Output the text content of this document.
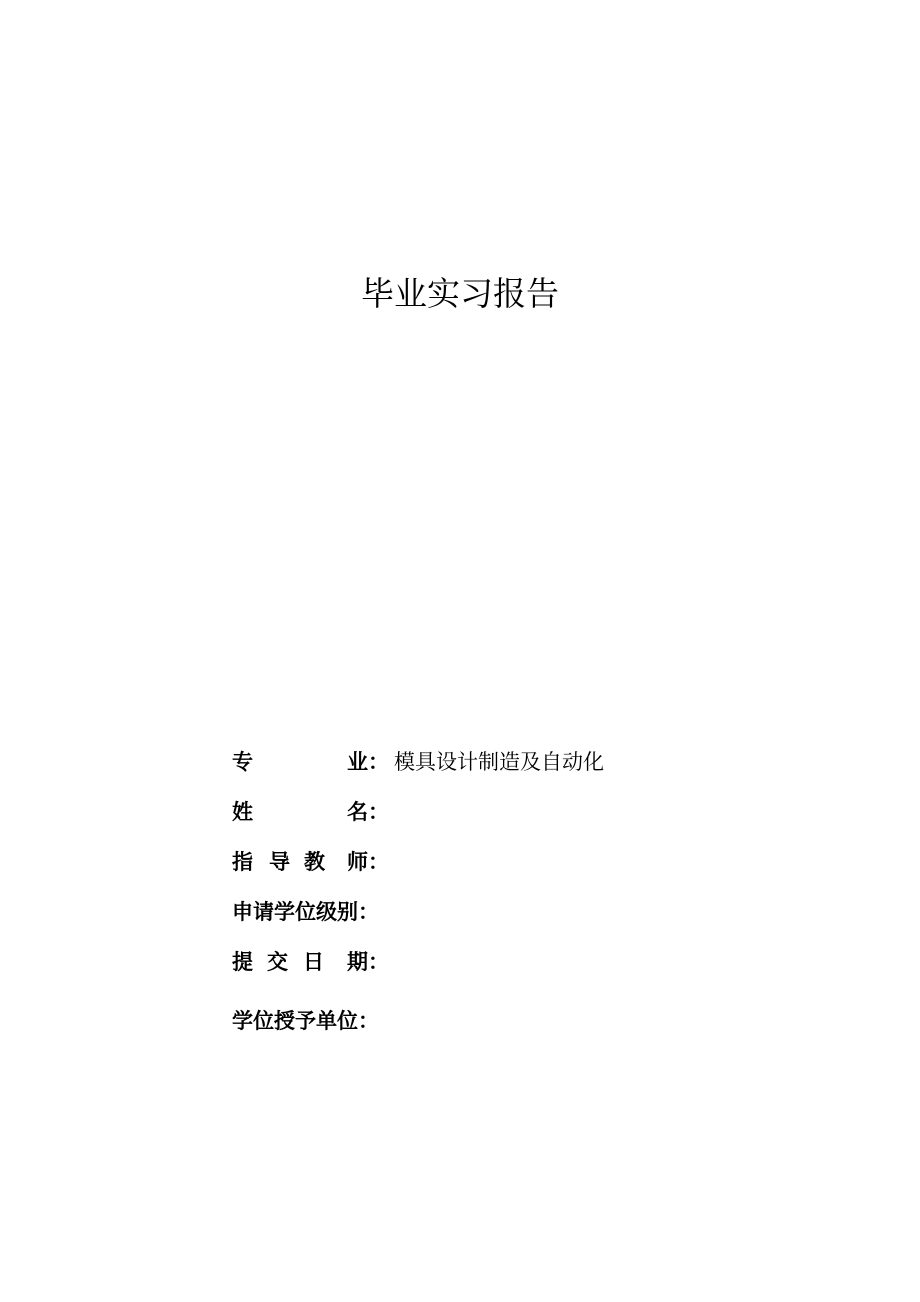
毕业实习报告
专	业： 模具设计制造及自动化
姓	名：
指 导 教 师：
申请学位级别：
提 交 日 期：
学位授予单位：
